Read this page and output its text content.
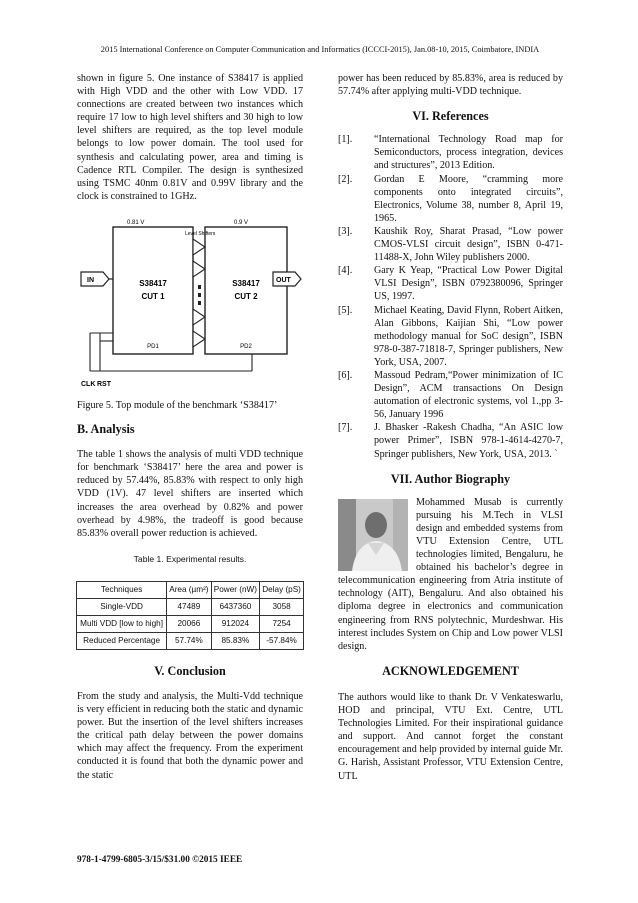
2015 International Conference on Computer Communication and Informatics (ICCCI-2015), Jan.08-10, 2015, Coimbatore, INDIA

shown in figure 5. One instance of S38417 is applied with High VDD and the other with Low VDD. 17 connections are created between two instances which require 17 low to high level shifters and 30 high to low level shifters are required, as the top level module belongs to low power domain. The tool used for synthesis and calculating power, area and timing is Cadence RTL Compiler. The design is synthesized using TSMC 40nm 0.81V and 0.99V library and the clock is constrained to 1GHz.

0.81 V	0.9 V
Level Shifters
S38417
CUT 1
S38417
CUT 2
PD1	PD2
IN	OUT
CLK RST

Figure 5. Top module of the benchmark ‘S38417’

B. Analysis

The table 1 shows the analysis of multi VDD technique for benchmark ‘S38417’ here the area and power is reduced by 57.44%, 85.83% with respect to only high VDD (1V). 47 level shifters are inserted which increases the area overhead by 0.82% and power overhead by 4.98%, the tradeoff is good because 85.83% overall power reduction is achieved.

Table 1. Experimental results.

Techniques	Area (µm²)	Power (nW)	Delay (pS)
Single-VDD	47489	6437360	3058
Multi VDD [low to high]	20066	912024	7254
Reduced Percentage	57.74%	85.83%	-57.84%

V. Conclusion

From the study and analysis, the Multi-Vdd technique is very efficient in reducing both the static and dynamic power. But the insertion of the level shifters increases the critical path delay between the power domains which may affect the frequency. From the experiment conducted it is found that both the dynamic power and the static

power has been reduced by 85.83%, area is reduced by 57.74% after applying multi-VDD technique.

VI. References

[1].	“International Technology Road map for Semiconductors, process integration, devices and structures”, 2013 Edition.
[2].	Gordan E Moore, “cramming more components onto integrated circuits”, Electronics, Volume 38, number 8, April 19, 1965.
[3].	Kaushik Roy, Sharat Prasad, “Low power CMOS-VLSI circuit design”, ISBN 0-471-11488-X, John Wiley publishers 2000.
[4].	Gary K Yeap, “Practical Low Power Digital VLSI Design”, ISBN 0792380096, Springer US, 1997.
[5].	Michael Keating, David Flynn, Robert Aitken, Alan Gibbons, Kaijian Shi, “Low power methodology manual for SoC design”, ISBN 978-0-387-71818-7, Springer publishers, New York, USA, 2007.
[6].	Massoud Pedram,“Power minimization of IC Design”, ACM transactions On Design automation of electronic systems, vol 1.,pp 3-56, January 1996
[7].	J. Bhasker -Rakesh Chadha, “An ASIC low power Primer”, ISBN 978-1-4614-4270-7, Springer publishers, New York, USA, 2013. `

VII. Author Biography

Mohammed Musab is currently pursuing his M.Tech in VLSI design and embedded systems from VTU Extension Centre, UTL technologies limited, Bengaluru, he obtained his bachelor’s degree in telecommunication engineering from Atria institute of technology (AIT), Bengaluru. And also obtained his diploma degree in electronics and communication engineering from RNS polytechnic, Murdeshwar. His interest includes System on Chip and Low power VLSI design.

ACKNOWLEDGEMENT

The authors would like to thank Dr. V Venkateswarlu, HOD and principal, VTU Ext. Centre, UTL Technologies Limited. For their inspirational guidance and support. And cannot forget the constant encouragement and help provided by internal guide Mr. G. Harish, Assistant Professor, VTU Extension Centre, UTL

978-1-4799-6805-3/15/$31.00 ©2015 IEEE
